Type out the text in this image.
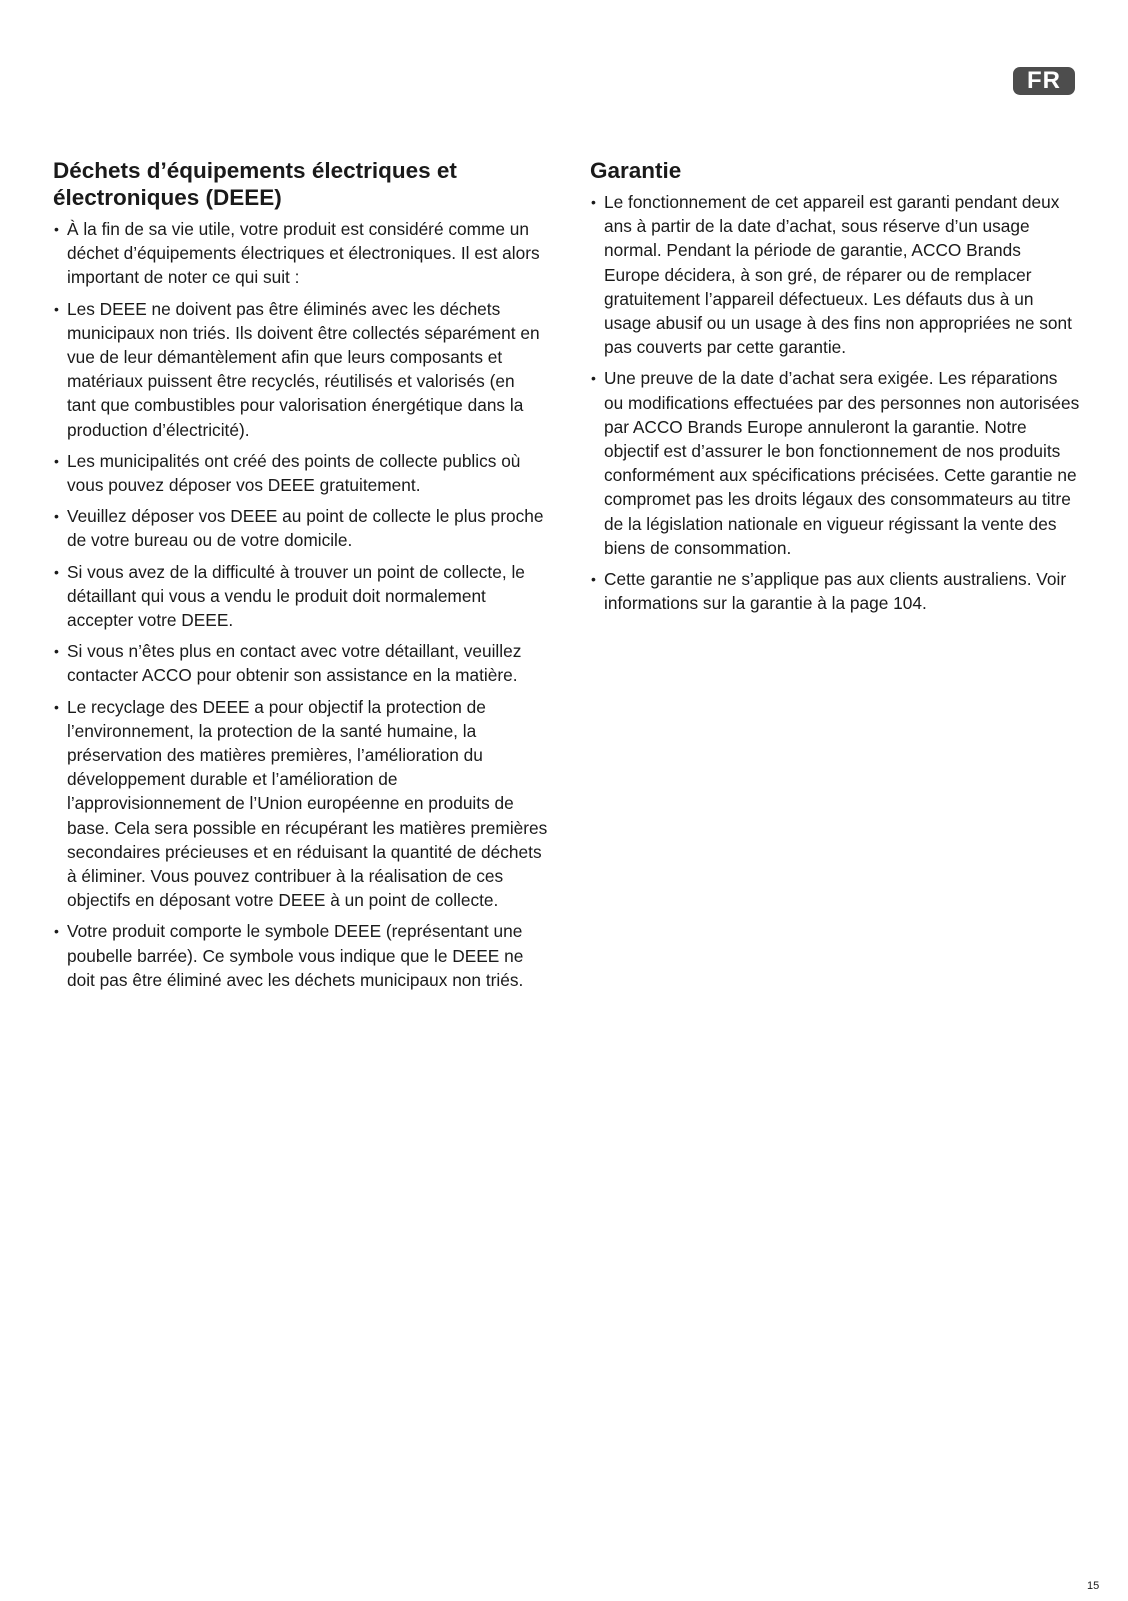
FR
Déchets d’équipements électriques et
électroniques (DEEE)
• À la fin de sa vie utile, votre produit est considéré comme un déchet d’équipements électriques et électroniques. Il est alors important de noter ce qui suit :
• Les DEEE ne doivent pas être éliminés avec les déchets municipaux non triés. Ils doivent être collectés séparément en vue de leur démantèlement afin que leurs composants et matériaux puissent être recyclés, réutilisés et valorisés (en tant que combustibles pour valorisation énergétique dans la production d’électricité).
• Les municipalités ont créé des points de collecte publics où vous pouvez déposer vos DEEE gratuitement.
• Veuillez déposer vos DEEE au point de collecte le plus proche de votre bureau ou de votre domicile.
• Si vous avez de la difficulté à trouver un point de collecte, le détaillant qui vous a vendu le produit doit normalement accepter votre DEEE.
• Si vous n’êtes plus en contact avec votre détaillant, veuillez contacter ACCO pour obtenir son assistance en la matière.
• Le recyclage des DEEE a pour objectif la protection de l’environnement, la protection de la santé humaine, la préservation des matières premières, l’amélioration du développement durable et l’amélioration de l’approvisionnement de l’Union européenne en produits de base. Cela sera possible en récupérant les matières premières secondaires précieuses et en réduisant la quantité de déchets à éliminer. Vous pouvez contribuer à la réalisation de ces objectifs en déposant votre DEEE à un point de collecte.
• Votre produit comporte le symbole DEEE (représentant une poubelle barrée). Ce symbole vous indique que le DEEE ne doit pas être éliminé avec les déchets municipaux non triés.
Garantie
• Le fonctionnement de cet appareil est garanti pendant deux ans à partir de la date d’achat, sous réserve d’un usage normal. Pendant la période de garantie, ACCO Brands Europe décidera, à son gré, de réparer ou de remplacer gratuitement l’appareil défectueux. Les défauts dus à un usage abusif ou un usage à des fins non appropriées ne sont pas couverts par cette garantie.
• Une preuve de la date d’achat sera exigée. Les réparations ou modifications effectuées par des personnes non autorisées par ACCO Brands Europe annuleront la garantie. Notre objectif est d’assurer le bon fonctionnement de nos produits conformément aux spécifications précisées. Cette garantie ne compromet pas les droits légaux des consommateurs au titre de la législation nationale en vigueur régissant la vente des biens de consommation.
• Cette garantie ne s’applique pas aux clients australiens. Voir informations sur la garantie à la page 104.
15
